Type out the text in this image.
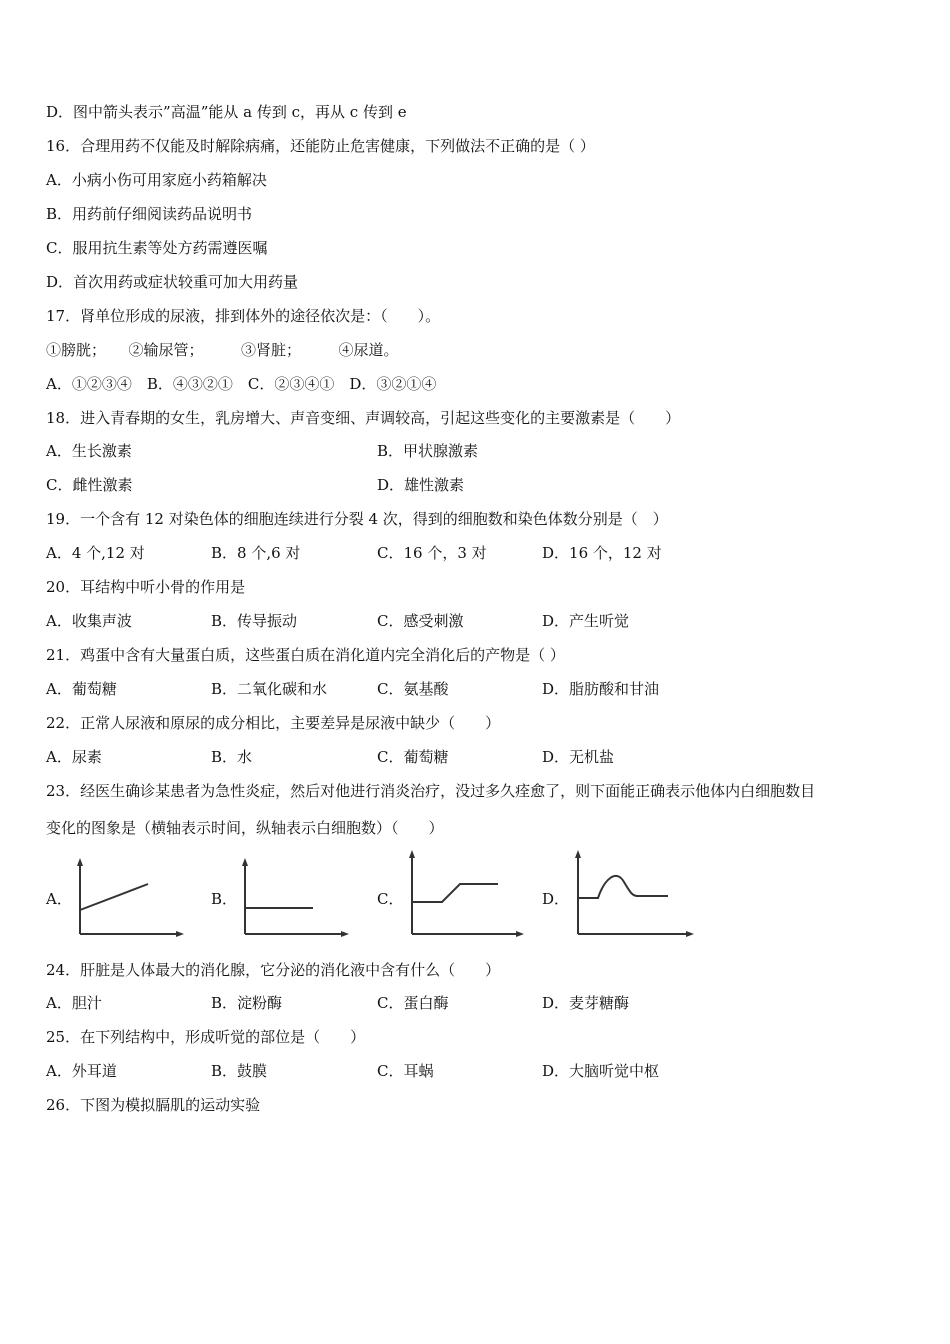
D．图中箭头表示”高温”能从 a 传到 c，再从 c 传到 e
16．合理用药不仅能及时解除病痛，还能防止危害健康，下列做法不正确的是（ ）
A．小病小伤可用家庭小药箱解决
B．用药前仔细阅读药品说明书
C．服用抗生素等处方药需遵医嘱
D．首次用药或症状较重可加大用药量
17．肾单位形成的尿液，排到体外的途径依次是：（　　）。
①膀胱；　　②输尿管；　　　③肾脏；　　　④尿道。
A．①②③④　B．④③②①　C．②③④①　D．③②①④
18．进入青春期的女生，乳房增大、声音变细、声调较高，引起这些变化的主要激素是（　　）
A．生长激素	B．甲状腺激素
C．雌性激素	D．雄性激素
19．一个含有 12 对染色体的细胞连续进行分裂 4 次，得到的细胞数和染色体数分别是（　）
A．4 个,12 对	B．8 个,6 对	C．16 个，3 对	D．16 个，12 对
20．耳结构中听小骨的作用是
A．收集声波	B．传导振动	C．感受刺激	D．产生听觉
21．鸡蛋中含有大量蛋白质，这些蛋白质在消化道内完全消化后的产物是（ ）
A．葡萄糖	B．二氧化碳和水	C．氨基酸	D．脂肪酸和甘油
22．正常人尿液和原尿的成分相比，主要差异是尿液中缺少（　　）
A．尿素	B．水	C．葡萄糖	D．无机盐
23．经医生确诊某患者为急性炎症，然后对他进行消炎治疗，没过多久痊愈了，则下面能正确表示他体内白细胞数目
变化的图象是（横轴表示时间，纵轴表示白细胞数）（　　）
A．	B．	C．	D．
24．肝脏是人体最大的消化腺，它分泌的消化液中含有什么（　　）
A．胆汁	B．淀粉酶	C．蛋白酶	D．麦芽糖酶
25．在下列结构中，形成听觉的部位是（　　）
A．外耳道	B．鼓膜	C．耳蜗	D．大脑听觉中枢
26．下图为模拟膈肌的运动实验
